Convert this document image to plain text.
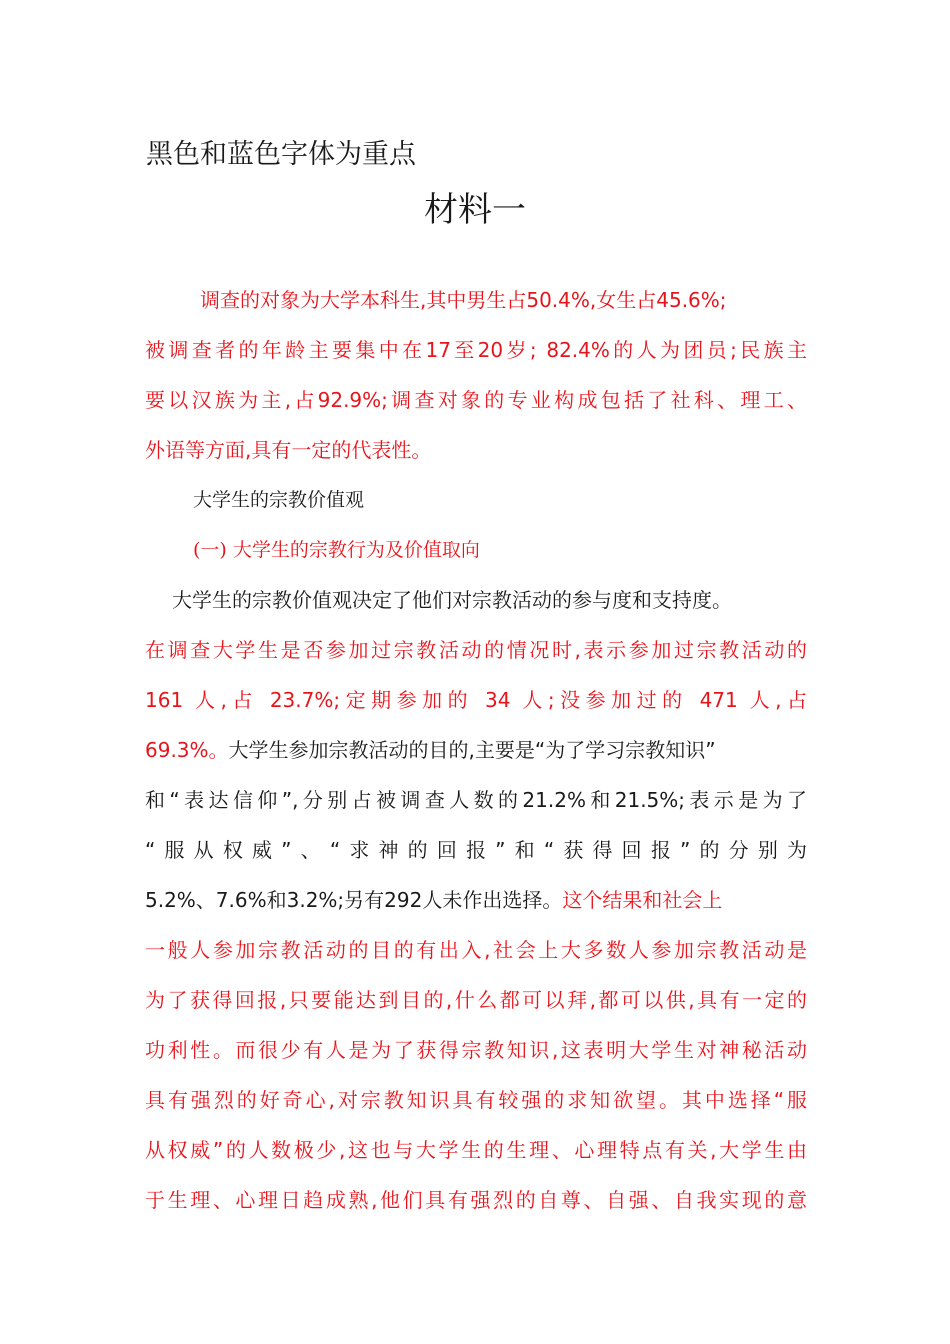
黑色和蓝色字体为重点
材料一
调查的对象为大学本科生,其中男生占50.4%,女生占45.6%;
被调查者的年龄主要集中在17至20岁; 82.4%的人为团员;民族主
要以汉族为主,占92.9%;调查对象的专业构成包括了社科、理工、
外语等方面,具有一定的代表性。
大学生的宗教价值观
(一) 大学生的宗教行为及价值取向
大学生的宗教价值观决定了他们对宗教活动的参与度和支持度。
在调查大学生是否参加过宗教活动的情况时,表示参加过宗教活动的
161 人,占 23.7%;定期参加的 34 人;没参加过的 471 人,占
69.3%。大学生参加宗教活动的目的,主要是“为了学习宗教知识”
和“表达信仰”,分别占被调查人数的21.2%和21.5%;表示是为了
“服从权威”、“求神的回报”和“获得回报”的分别为
5.2%、7.6%和3.2%;另有292人未作出选择。这个结果和社会上
一般人参加宗教活动的目的有出入,社会上大多数人参加宗教活动是
为了获得回报,只要能达到目的,什么都可以拜,都可以供,具有一定的
功利性。而很少有人是为了获得宗教知识,这表明大学生对神秘活动
具有强烈的好奇心,对宗教知识具有较强的求知欲望。其中选择“服
从权威”的人数极少,这也与大学生的生理、心理特点有关,大学生由
于生理、心理日趋成熟,他们具有强烈的自尊、自强、自我实现的意
